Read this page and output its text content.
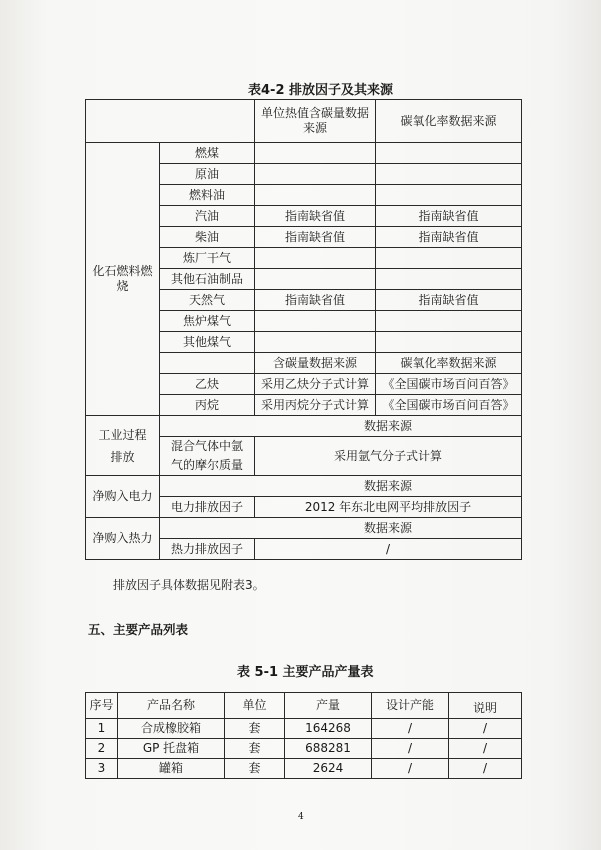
表4-2 排放因子及其来源
		单位热值含碳量数据来源	碳氧化率数据来源
化石燃料燃烧	燃煤		
	原油		
	燃料油		
	汽油	指南缺省值	指南缺省值
	柴油	指南缺省值	指南缺省值
	炼厂干气		
	其他石油制品		
	天然气	指南缺省值	指南缺省值
	焦炉煤气		
	其他煤气		
		含碳量数据来源	碳氧化率数据来源
	乙炔	采用乙炔分子式计算	《全国碳市场百问百答》
	丙烷	采用丙烷分子式计算	《全国碳市场百问百答》
工业过程排放	数据来源		
	混合气体中氩气的摩尔质量	采用氩气分子式计算	
净购入电力	数据来源		
	电力排放因子	2012 年东北电网平均排放因子	
净购入热力	数据来源		
	热力排放因子	/	
排放因子具体数据见附表3。
五、主要产品列表
表 5-1 主要产品产量表
序号	产品名称	单位	产量	设计产能	说明
1	合成橡胶箱	套	164268	/	/
2	GP 托盘箱	套	688281	/	/
3	罐箱	套	2624	/	/
4
